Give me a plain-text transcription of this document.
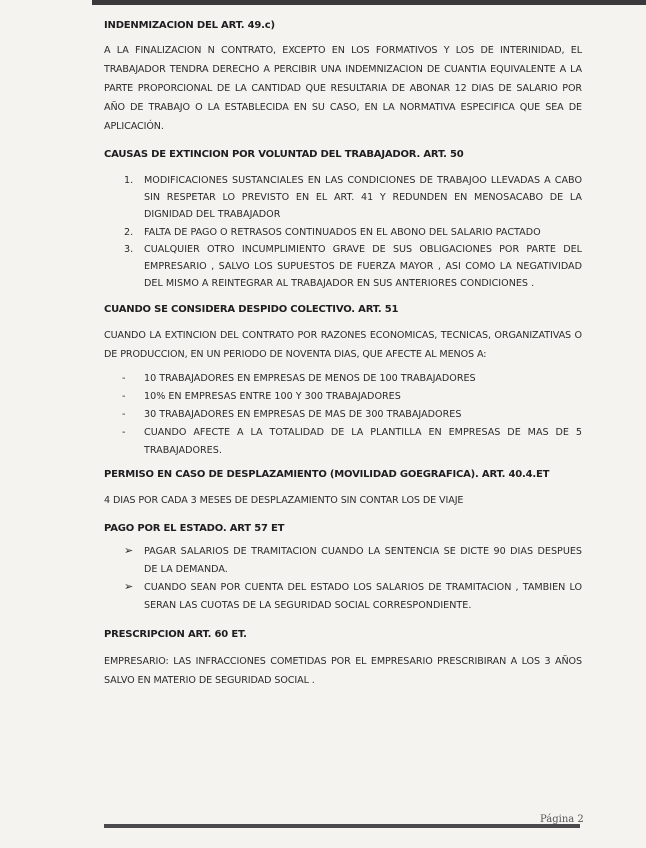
INDENMIZACION DEL ART. 49.c)

A LA FINALIZACION N CONTRATO, EXCEPTO EN LOS FORMATIVOS Y LOS DE INTERINIDAD, EL TRABAJADOR TENDRA DERECHO A PERCIBIR UNA INDEMNIZACION DE CUANTIA EQUIVALENTE A LA PARTE PROPORCIONAL DE LA CANTIDAD QUE RESULTARIA DE ABONAR 12 DIAS DE SALARIO POR AÑO DE TRABAJO O LA ESTABLECIDA EN SU CASO, EN LA NORMATIVA ESPECIFICA QUE SEA DE APLICACIÓN.

CAUSAS DE EXTINCION POR VOLUNTAD DEL TRABAJADOR. ART. 50
1. MODIFICACIONES SUSTANCIALES EN LAS CONDICIONES DE TRABAJOO LLEVADAS A CABO SIN RESPETAR LO PREVISTO EN EL ART. 41 Y REDUNDEN EN MENOSACABO DE LA DIGNIDAD DEL TRABAJADOR
2. FALTA DE PAGO O RETRASOS CONTINUADOS EN EL ABONO DEL SALARIO PACTADO
3. CUALQUIER OTRO INCUMPLIMIENTO GRAVE DE SUS OBLIGACIONES POR PARTE DEL EMPRESARIO , SALVO LOS SUPUESTOS DE FUERZA MAYOR , ASI COMO LA NEGATIVIDAD DEL MISMO A REINTEGRAR AL TRABAJADOR EN SUS ANTERIORES CONDICIONES .
CUANDO SE CONSIDERA DESPIDO COLECTIVO. ART. 51

CUANDO LA EXTINCION DEL CONTRATO POR RAZONES ECONOMICAS, TECNICAS, ORGANIZATIVAS O DE PRODUCCION, EN UN PERIODO DE NOVENTA DIAS, QUE AFECTE AL MENOS A:

- 10 TRABAJADORES EN EMPRESAS DE MENOS DE 100 TRABAJADORES
- 10% EN EMPRESAS ENTRE 100 Y 300 TRABAJADORES
- 30 TRABAJADORES EN EMPRESAS DE MAS DE 300 TRABAJADORES
- CUANDO AFECTE A LA TOTALIDAD DE LA PLANTILLA EN EMPRESAS DE MAS DE 5 TRABAJADORES.
PERMISO EN CASO DE DESPLAZAMIENTO (MOVILIDAD GOEGRAFICA). ART. 40.4.ET

4 DIAS POR CADA 3 MESES DE DESPLAZAMIENTO SIN CONTAR LOS DE VIAJE

PAGO POR EL ESTADO. ART 57 ET
➢ PAGAR SALARIOS DE TRAMITACION CUANDO LA SENTENCIA SE DICTE 90 DIAS DESPUES DE LA DEMANDA.
➢ CUANDO SEAN POR CUENTA DEL ESTADO LOS SALARIOS DE TRAMITACION , TAMBIEN LO SERAN LAS CUOTAS DE LA SEGURIDAD SOCIAL CORRESPONDIENTE.
PRESCRIPCION ART. 60 ET.

EMPRESARIO: LAS INFRACCIONES COMETIDAS POR EL EMPRESARIO PRESCRIBIRAN A LOS 3 AÑOS SALVO EN MATERIO DE SEGURIDAD SOCIAL .

Página 2
